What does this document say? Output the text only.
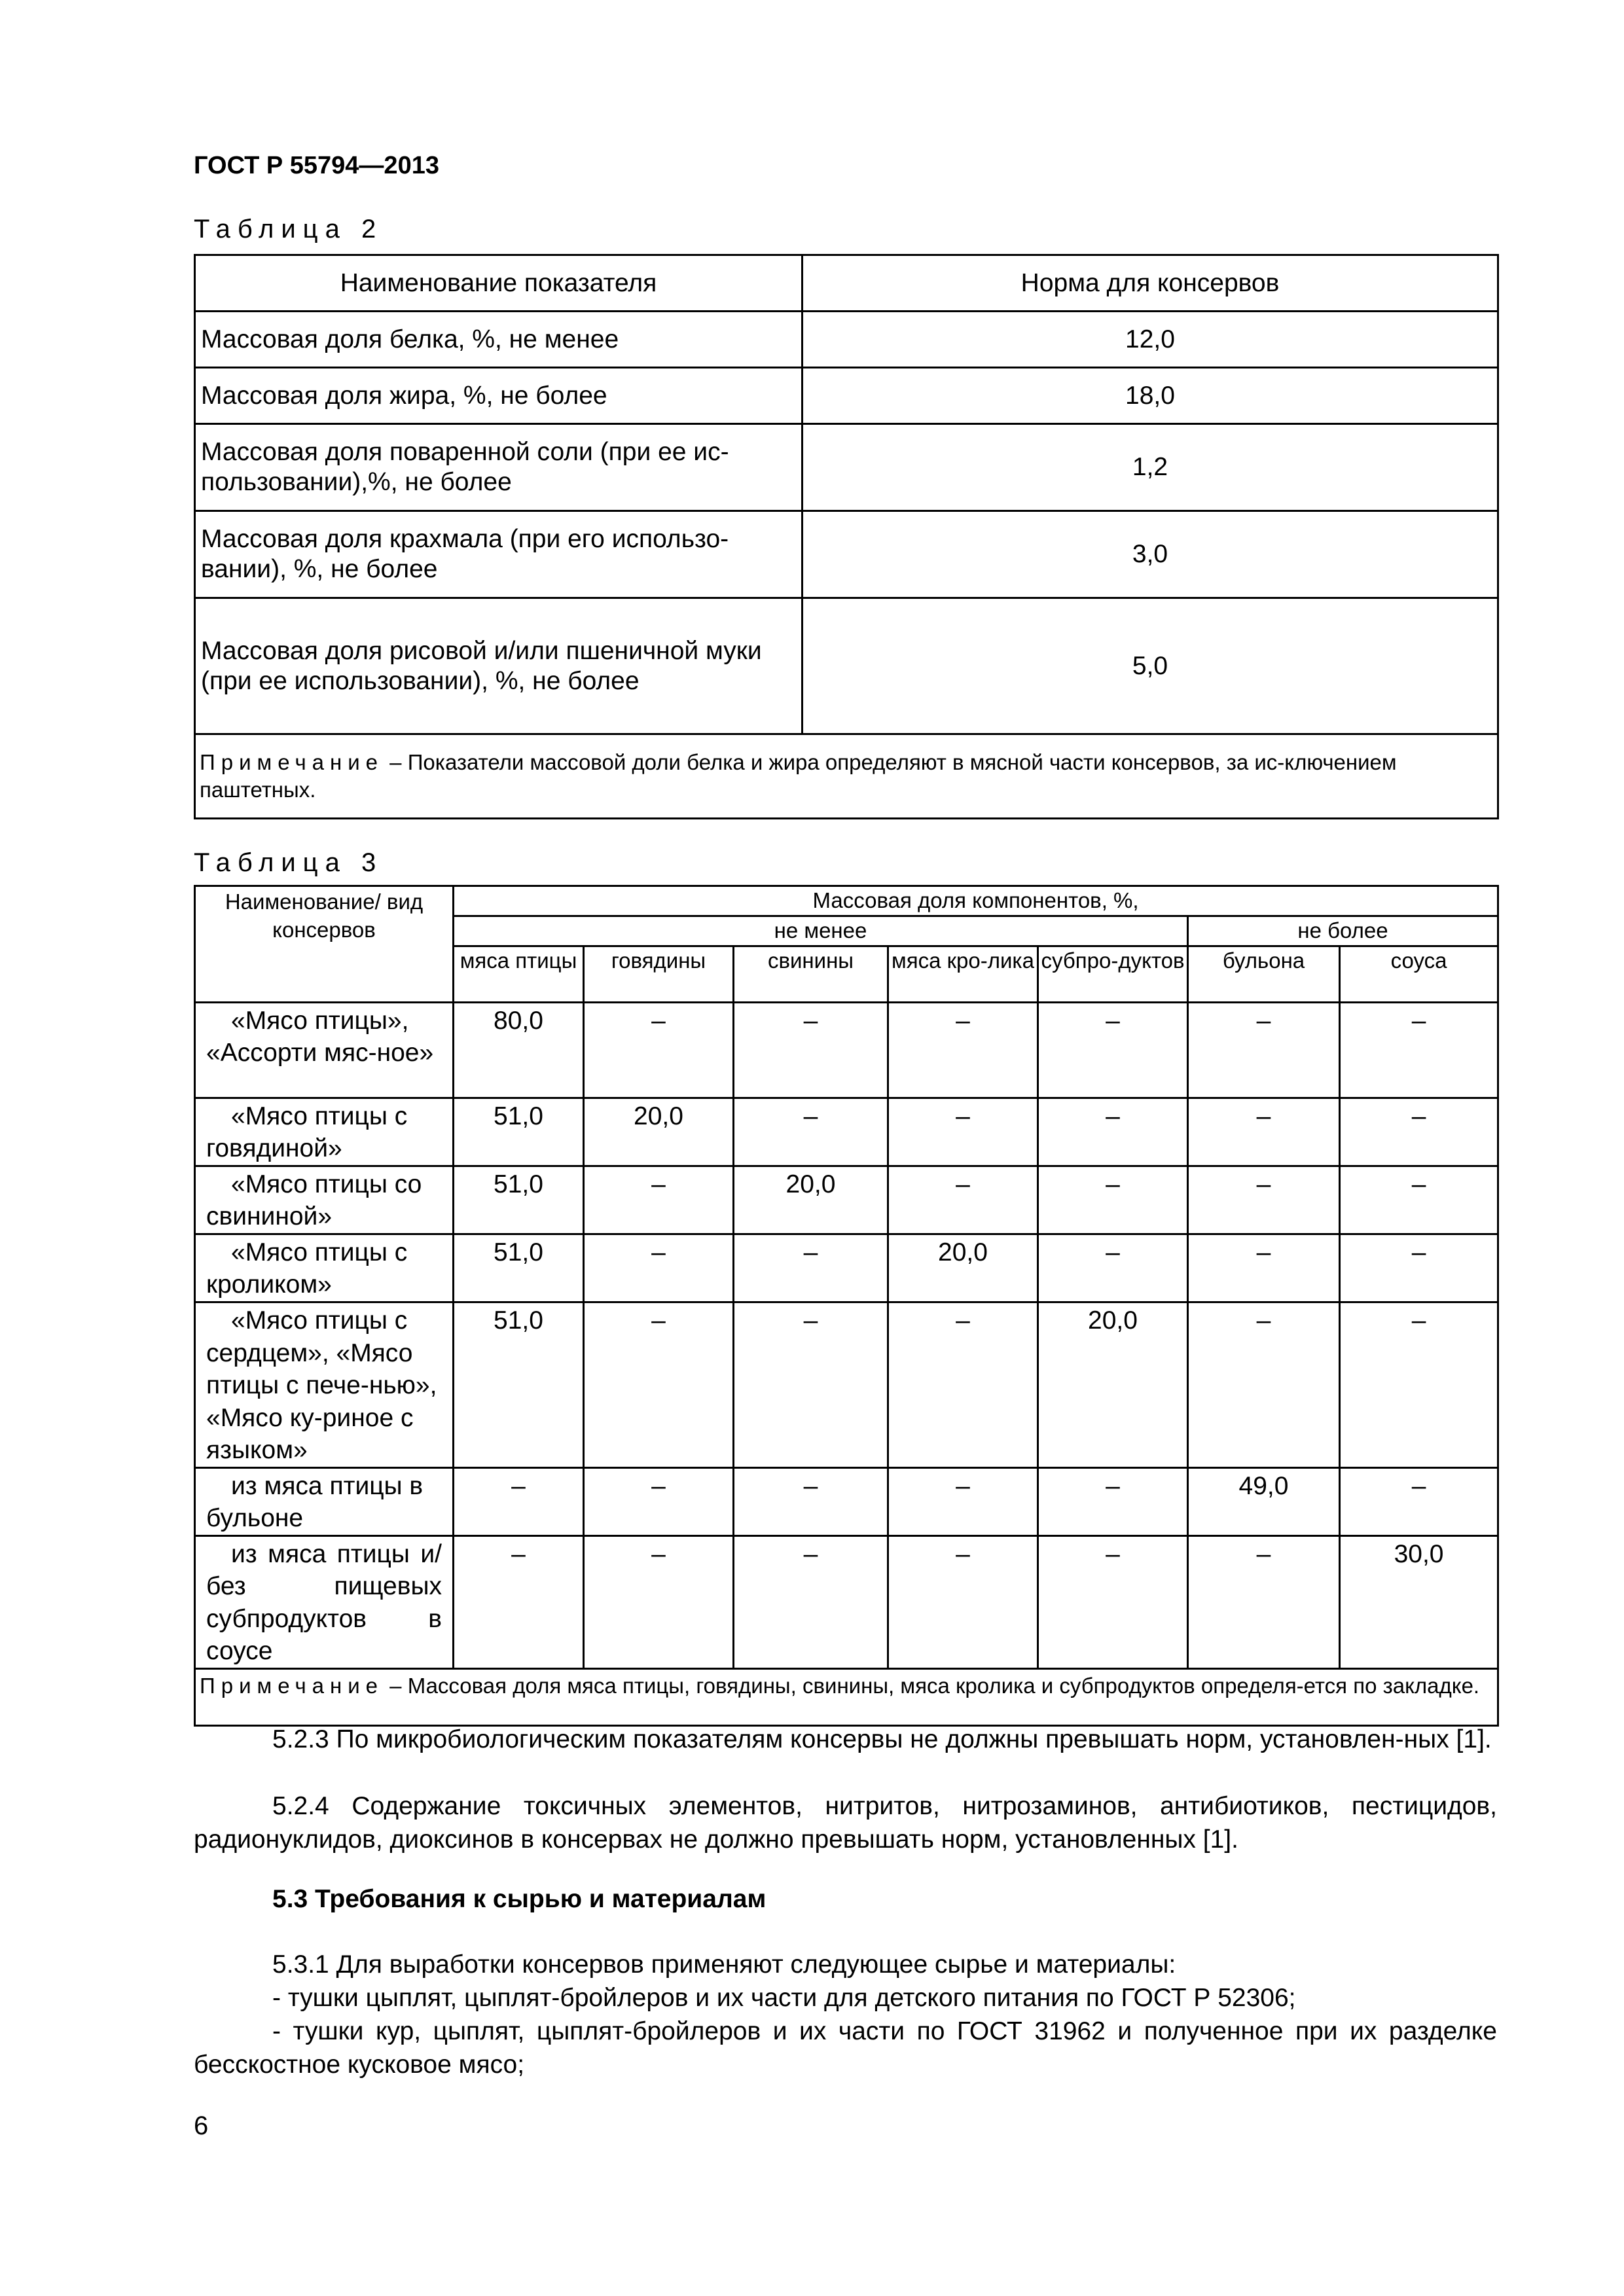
ГОСТ Р 55794—2013
Таблица 2
Наименование показателя	Норма для консервов
Массовая доля белка, %, не менее	12,0
Массовая доля жира, %, не более	18,0
Массовая доля поваренной соли (при ее ис-пользовании),%, не более	1,2
Массовая доля крахмала (при его использо-вании), %, не более	3,0
Массовая доля рисовой и/или пшеничной муки (при ее использовании), %, не более	5,0
Примечание – Показатели массовой доли белка и жира определяют в мясной части консервов, за ис-ключением паштетных.	
Таблица 3
Наименование/ вид консервов	Массовая доля компонентов, %,						
	не менее					не более	
	мяса птицы	говядины	свинины	мяса кро-лика	субпро-дуктов	бульона	соуса
«Мясо птицы», «Ассорти мяс-ное»	80,0	–	–	–	–	–	–
«Мясо птицы с говядиной»	51,0	20,0	–	–	–	–	–
«Мясо птицы со свининой»	51,0	–	20,0	–	–	–	–
«Мясо птицы с кроликом»	51,0	–	–	20,0	–	–	–
«Мясо птицы с сердцем», «Мясо птицы с пече-нью», «Мясо ку-риное с языком»	51,0	–	–	–	20,0	–	–
из мяса птицы в бульоне	–	–	–	–	–	49,0	–
из мяса птицы и/без пищевых субпродуктов в соусе	–	–	–	–	–	–	30,0
Примечание – Массовая доля мяса птицы, говядины, свинины, мяса кролика и субпродуктов определя-ется по закладке.							
5.2.3 По микробиологическим показателям консервы не должны превышать норм, установлен-ных [1].
5.2.4 Содержание токсичных элементов, нитритов, нитрозаминов, антибиотиков, пестицидов, радионуклидов, диоксинов в консервах не должно превышать норм, установленных [1].
5.3 Требования к сырью и материалам
5.3.1 Для выработки консервов применяют следующее сырье и материалы:
- тушки цыплят, цыплят-бройлеров и их части для детского питания по ГОСТ Р 52306;
- тушки кур, цыплят, цыплят-бройлеров и их части по ГОСТ 31962 и полученное при их разделке бесскостное кусковое мясо;
6
